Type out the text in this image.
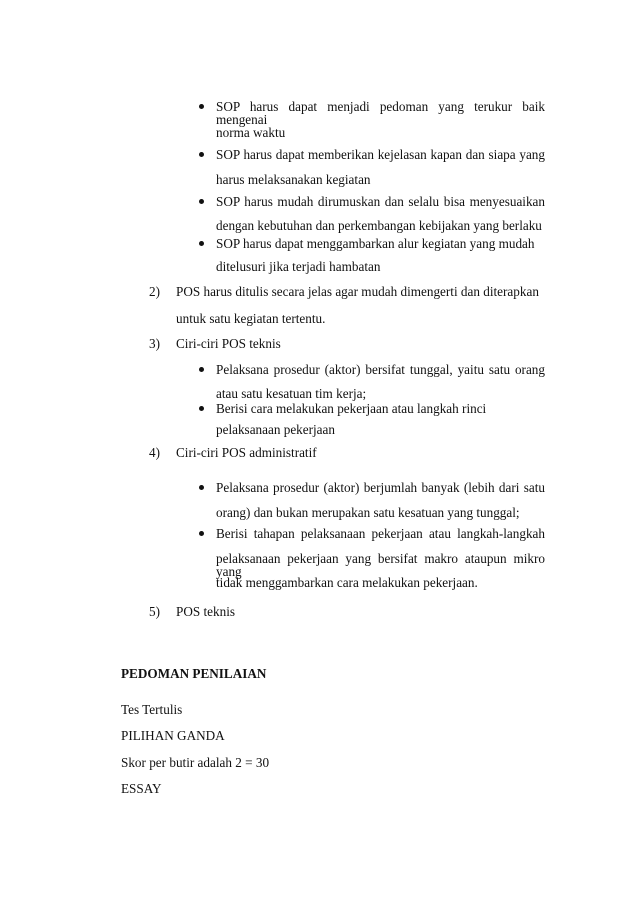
SOP harus dapat menjadi pedoman yang terukur baik mengenai
norma waktu
SOP harus dapat memberikan kejelasan kapan dan siapa yang
harus melaksanakan kegiatan
SOP harus mudah dirumuskan dan selalu bisa menyesuaikan
dengan kebutuhan dan perkembangan kebijakan yang berlaku
SOP harus dapat menggambarkan alur kegiatan yang mudah
ditelusuri jika terjadi hambatan
2) POS harus ditulis secara jelas agar mudah dimengerti dan diterapkan
untuk satu kegiatan tertentu.
3) Ciri-ciri POS teknis
Pelaksana prosedur (aktor) bersifat tunggal, yaitu satu orang
atau satu kesatuan tim kerja;
Berisi cara melakukan pekerjaan atau langkah rinci
pelaksanaan pekerjaan
4) Ciri-ciri POS administratif
Pelaksana prosedur (aktor) berjumlah banyak (lebih dari satu
orang) dan bukan merupakan satu kesatuan yang tunggal;
Berisi tahapan pelaksanaan pekerjaan atau langkah-langkah
pelaksanaan pekerjaan yang bersifat makro ataupun mikro yang
tidak menggambarkan cara melakukan pekerjaan.
5) POS teknis
PEDOMAN PENILAIAN
Tes Tertulis
PILIHAN GANDA
Skor per butir adalah 2 = 30
ESSAY
